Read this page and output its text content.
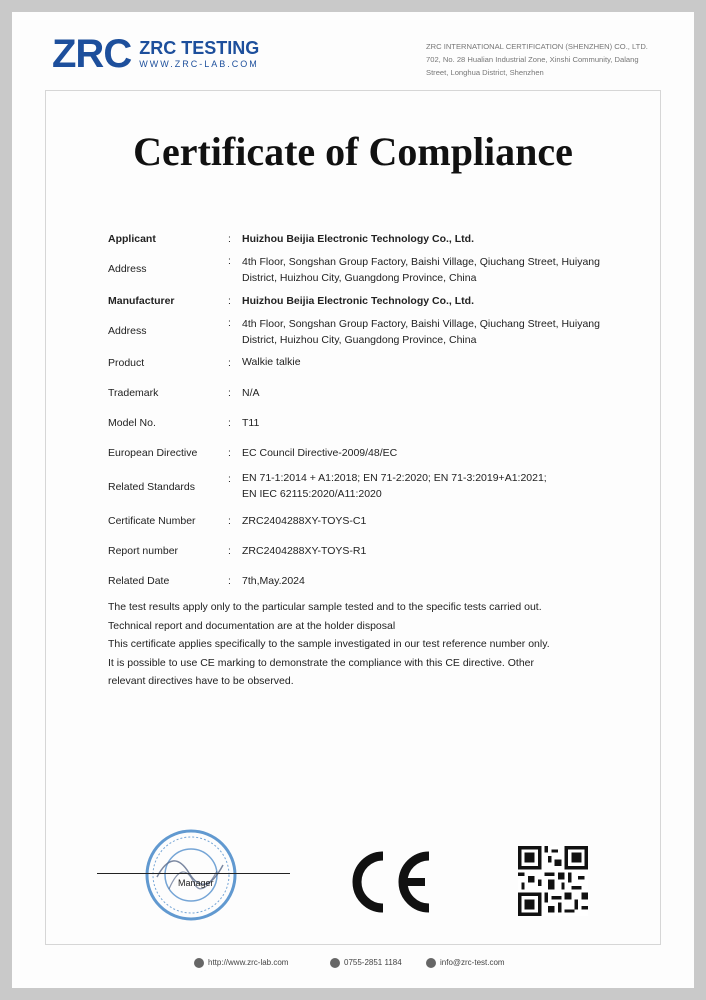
ZRC ZRC TESTING
WWW.ZRC-LAB.COM
ZRC INTERNATIONAL CERTIFICATION (SHENZHEN) CO., LTD.
702, No. 28 Hualian Industrial Zone, Xinshi Community, Dalang
Street, Longhua District, Shenzhen
Certificate of Compliance
Applicant	: Huizhou Beijia Electronic Technology Co., Ltd.
Address
: 4th Floor, Songshan Group Factory, Baishi Village, Qiuchang Street, Huiyang District, Huizhou City, Guangdong Province, China
Manufacturer	: Huizhou Beijia Electronic Technology Co., Ltd.
Address
: 4th Floor, Songshan Group Factory, Baishi Village, Qiuchang Street, Huiyang District, Huizhou City, Guangdong Province, China
Product	: Walkie talkie
Trademark	: N/A
Model No.	: T11
European Directive	: EC Council Directive-2009/48/EC
Related Standards
: EN 71-1:2014 + A1:2018; EN 71-2:2020; EN 71-3:2019+A1:2021;
EN IEC 62115:2020/A11:2020
Certificate Number	: ZRC2404288XY-TOYS-C1
Report number	: ZRC2404288XY-TOYS-R1
Related Date	: 7th,May.2024
The test results apply only to the particular sample tested and to the specific tests carried out.
Technical report and documentation are at the holder disposal
This certificate applies specifically to the sample investigated in our test reference number only.
It is possible to use CE marking to demonstrate the compliance with this CE directive. Other
relevant directives have to be observed.
Manager
http://www.zrc-lab.com	0755-2851 1184	info@zrc-test.com
